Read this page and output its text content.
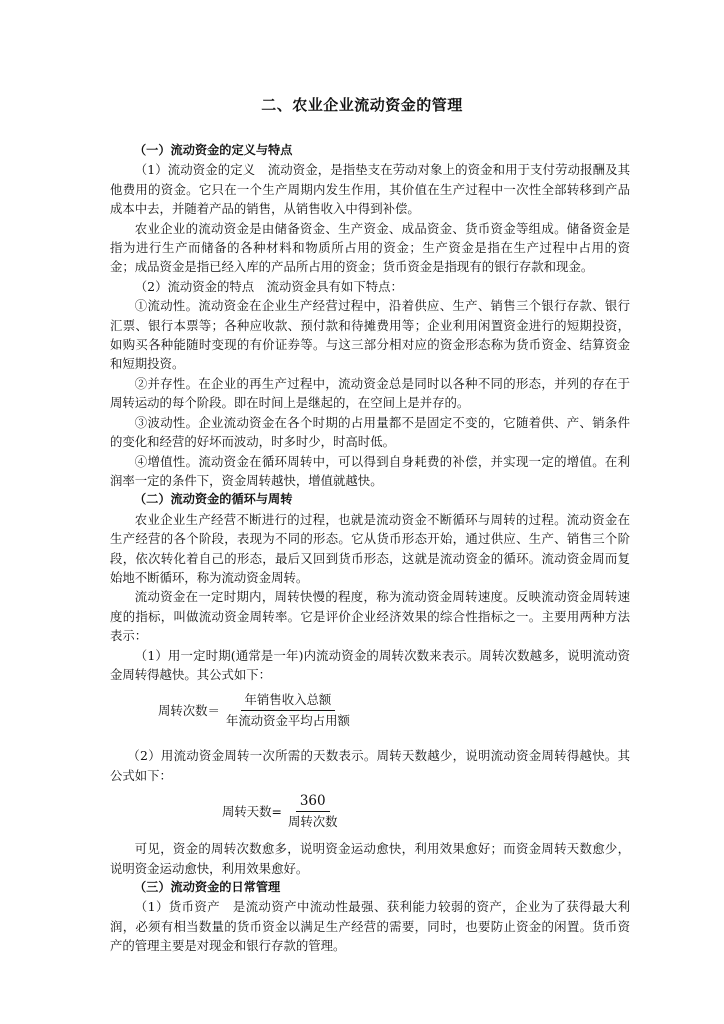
二、农业企业流动资金的管理

（一）流动资金的定义与特点

（1）流动资金的定义　流动资金，是指垫支在劳动对象上的资金和用于支付劳动报酬及其他费用的资金。它只在一个生产周期内发生作用，其价值在生产过程中一次性全部转移到产品成本中去，并随着产品的销售，从销售收入中得到补偿。

农业企业的流动资金是由储备资金、生产资金、成品资金、货币资金等组成。储备资金是指为进行生产而储备的各种材料和物质所占用的资金；生产资金是指在生产过程中占用的资金；成品资金是指已经入库的产品所占用的资金；货币资金是指现有的银行存款和现金。

（2）流动资金的特点　流动资金具有如下特点：

①流动性。流动资金在企业生产经营过程中，沿着供应、生产、销售三个银行存款、银行汇票、银行本票等；各种应收款、预付款和待摊费用等；企业利用闲置资金进行的短期投资，如购买各种能随时变现的有价证券等。与这三部分相对应的资金形态称为货币资金、结算资金和短期投资。

②并存性。在企业的再生产过程中，流动资金总是同时以各种不同的形态，并列的存在于周转运动的每个阶段。即在时间上是继起的，在空间上是并存的。

③波动性。企业流动资金在各个时期的占用量都不是固定不变的，它随着供、产、销条件的变化和经营的好坏而波动，时多时少，时高时低。

④增值性。流动资金在循环周转中，可以得到自身耗费的补偿，并实现一定的增值。在利润率一定的条件下，资金周转越快，增值就越快。

（二）流动资金的循环与周转

农业企业生产经营不断进行的过程，也就是流动资金不断循环与周转的过程。流动资金在生产经营的各个阶段，表现为不同的形态。它从货币形态开始，通过供应、生产、销售三个阶段，依次转化着自己的形态，最后又回到货币形态，这就是流动资金的循环。流动资金周而复始地不断循环，称为流动资金周转。

流动资金在一定时期内，周转快慢的程度，称为流动资金周转速度。反映流动资金周转速度的指标，叫做流动资金周转率。它是评价企业经济效果的综合性指标之一。主要用两种方法表示：

（1）用一定时期(通常是一年)内流动资金的周转次数来表示。周转次数越多，说明流动资金周转得越快。其公式如下：

周转次数＝ $\frac{\text{年销售收入总额}}{\text{年流动资金平均占用额}}$

（2）用流动资金周转一次所需的天数表示。周转天数越少，说明流动资金周转得越快。其公式如下：

周转天数= $\frac{360}{\text{周转次数}}$

可见，资金的周转次数愈多，说明资金运动愈快，利用效果愈好；而资金周转天数愈少，说明资金运动愈快，利用效果愈好。

（三）流动资金的日常管理

（1）货币资产　是流动资产中流动性最强、获利能力较弱的资产，企业为了获得最大利润，必须有相当数量的货币资金以满足生产经营的需要，同时，也要防止资金的闲置。货币资产的管理主要是对现金和银行存款的管理。
